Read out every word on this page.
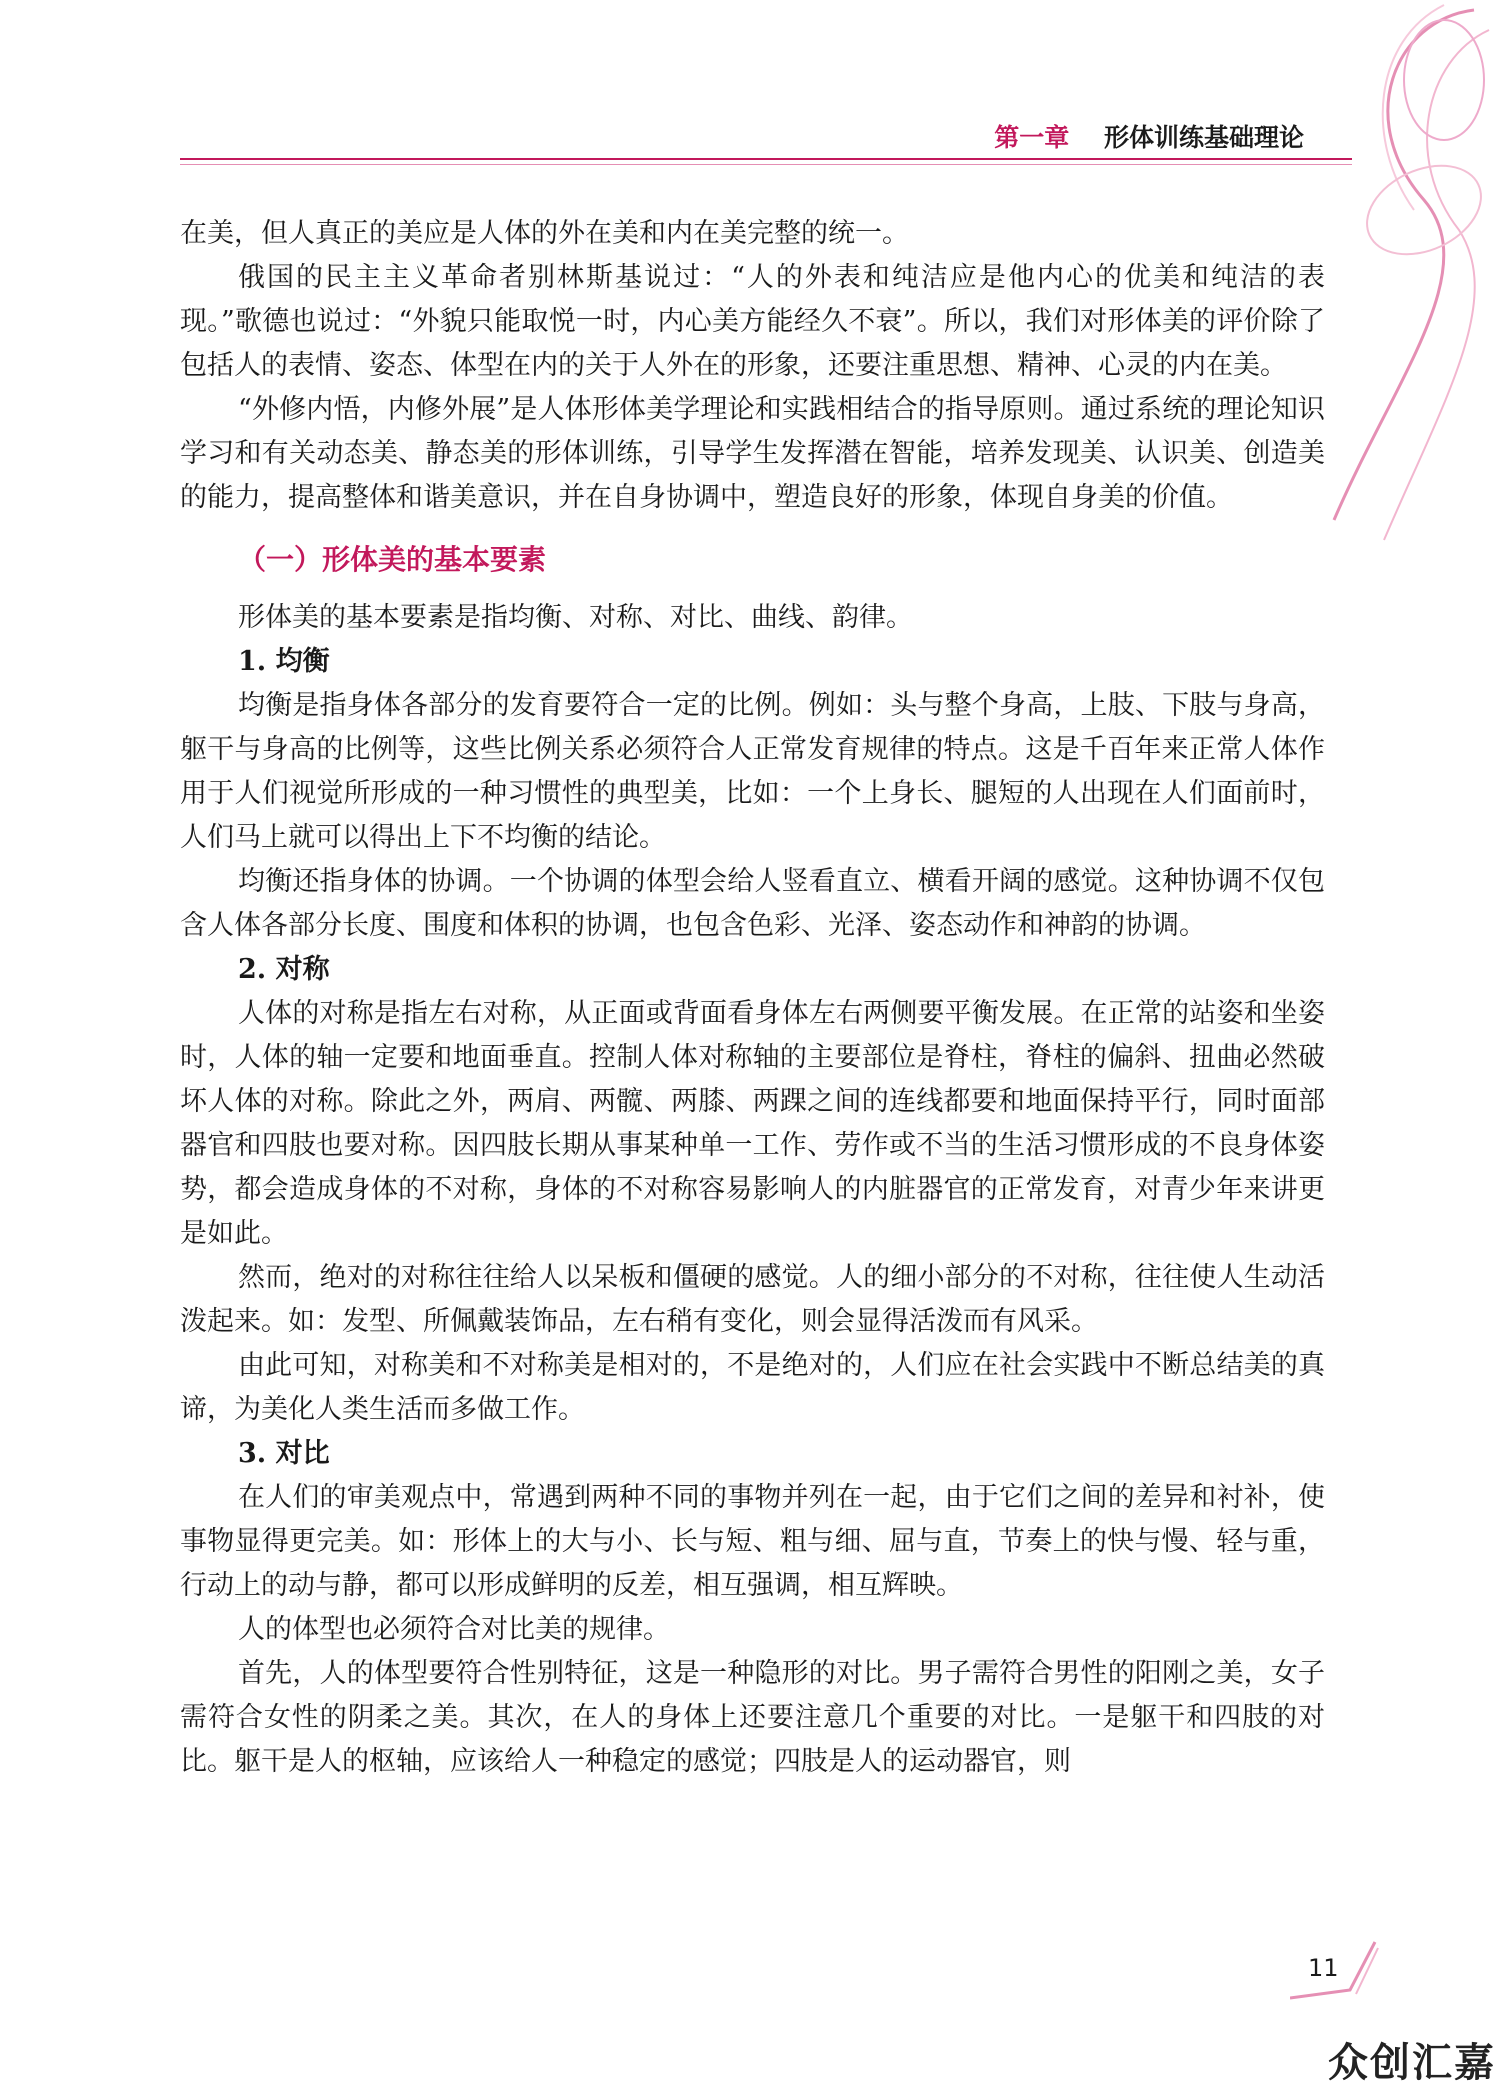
第一章 形体训练基础理论

在美，但人真正的美应是人体的外在美和内在美完整的统一。

俄国的民主主义革命者别林斯基说过：“人的外表和纯洁应是他内心的优美和纯洁的表现。”歌德也说过：“外貌只能取悦一时，内心美方能经久不衰”。所以，我们对形体美的评价除了包括人的表情、姿态、体型在内的关于人外在的形象，还要注重思想、精神、心灵的内在美。

“外修内悟，内修外展”是人体形体美学理论和实践相结合的指导原则。通过系统的理论知识学习和有关动态美、静态美的形体训练，引导学生发挥潜在智能，培养发现美、认识美、创造美的能力，提高整体和谐美意识，并在自身协调中，塑造良好的形象，体现自身美的价值。

（一）形体美的基本要素

形体美的基本要素是指均衡、对称、对比、曲线、韵律。

1. 均衡

均衡是指身体各部分的发育要符合一定的比例。例如：头与整个身高，上肢、下肢与身高，躯干与身高的比例等，这些比例关系必须符合人正常发育规律的特点。这是千百年来正常人体作用于人们视觉所形成的一种习惯性的典型美，比如：一个上身长、腿短的人出现在人们面前时，人们马上就可以得出上下不均衡的结论。

均衡还指身体的协调。一个协调的体型会给人竖看直立、横看开阔的感觉。这种协调不仅包含人体各部分长度、围度和体积的协调，也包含色彩、光泽、姿态动作和神韵的协调。

2. 对称

人体的对称是指左右对称，从正面或背面看身体左右两侧要平衡发展。在正常的站姿和坐姿时，人体的轴一定要和地面垂直。控制人体对称轴的主要部位是脊柱，脊柱的偏斜、扭曲必然破坏人体的对称。除此之外，两肩、两髋、两膝、两踝之间的连线都要和地面保持平行，同时面部器官和四肢也要对称。因四肢长期从事某种单一工作、劳作或不当的生活习惯形成的不良身体姿势，都会造成身体的不对称，身体的不对称容易影响人的内脏器官的正常发育，对青少年来讲更是如此。

然而，绝对的对称往往给人以呆板和僵硬的感觉。人的细小部分的不对称，往往使人生动活泼起来。如：发型、所佩戴装饰品，左右稍有变化，则会显得活泼而有风采。

由此可知，对称美和不对称美是相对的，不是绝对的，人们应在社会实践中不断总结美的真谛，为美化人类生活而多做工作。

3. 对比

在人们的审美观点中，常遇到两种不同的事物并列在一起，由于它们之间的差异和衬补，使事物显得更完美。如：形体上的大与小、长与短、粗与细、屈与直，节奏上的快与慢、轻与重，行动上的动与静，都可以形成鲜明的反差，相互强调，相互辉映。

人的体型也必须符合对比美的规律。

首先，人的体型要符合性别特征，这是一种隐形的对比。男子需符合男性的阳刚之美，女子需符合女性的阴柔之美。其次，在人的身体上还要注意几个重要的对比。一是躯干和四肢的对比。躯干是人的枢轴，应该给人一种稳定的感觉；四肢是人的运动器官，则

11
众创汇嘉
